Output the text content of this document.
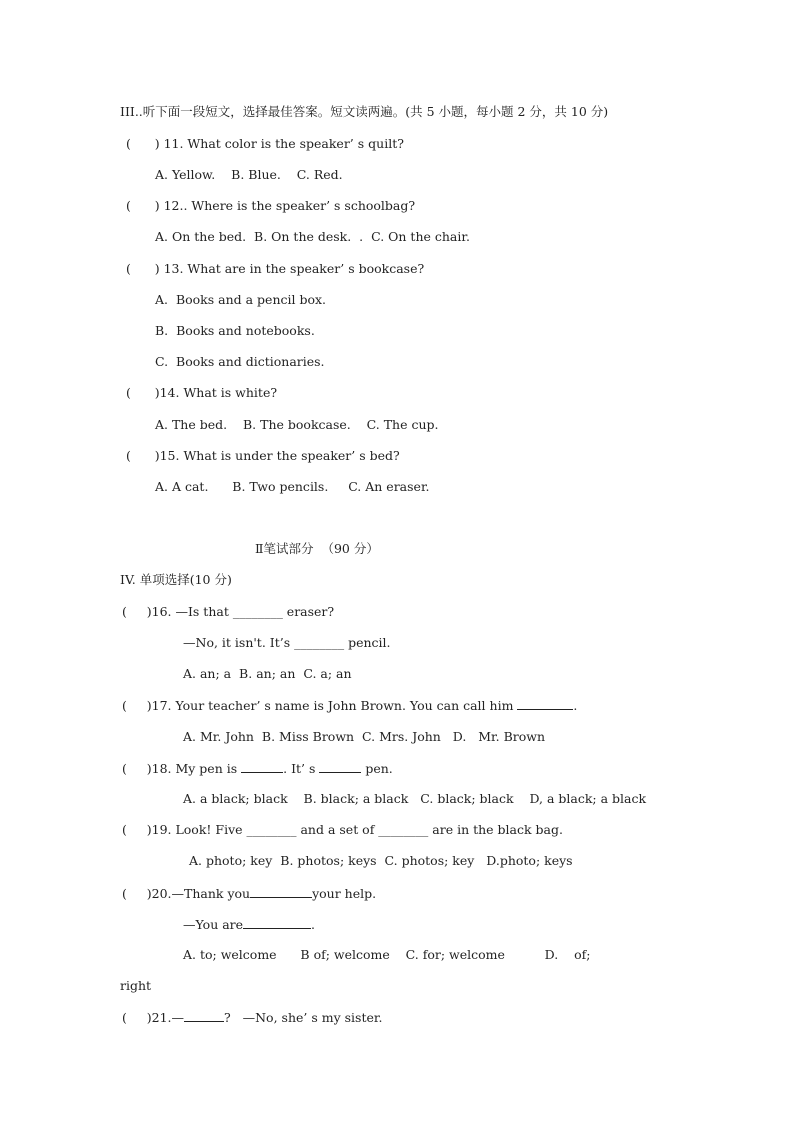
III..听下面一段短文，选择最佳答案。短文读两遍。(共 5 小题，每小题 2 分，共 10 分)
(      ) 11. What color is the speaker’ s quilt?
A. Yellow.    B. Blue.    C. Red.
(      ) 12.. Where is the speaker’ s schoolbag?
A. On the bed.  B. On the desk.  .  C. On the chair.
(      ) 13. What are in the speaker’ s bookcase?
A.  Books and a pencil box.
B.  Books and notebooks.
C.  Books and dictionaries.
(      )14. What is white?
A. The bed.    B. The bookcase.    C. The cup.
(      )15. What is under the speaker’ s bed?
A. A cat.      B. Two pencils.     C. An eraser.
Ⅱ笔试部分  （90 分）
IV. 单项选择(10 分)
(     )16. —Is that ________ eraser?
—No, it isn't. It’s ________ pencil.
A. an; a  B. an; an  C. a; an
(     )17. Your teacher’ s name is John Brown. You can call him	.
A. Mr. John  B. Miss Brown  C. Mrs. John   D.   Mr. Brown
(     )18. My pen is	. It’ s	pen.
A. a black; black    B. black; a black   C. black; black    D, a black; a black
(     )19. Look! Five ________ and a set of ________ are in the black bag.
A. photo; key  B. photos; keys  C. photos; key   D.photo; keys
(     )20.—Thank you	your help.
—You are	.
A. to; welcome      B of; welcome    C. for; welcome          D.    of;
right
(     )21.—	?   —No, she’ s my sister.
